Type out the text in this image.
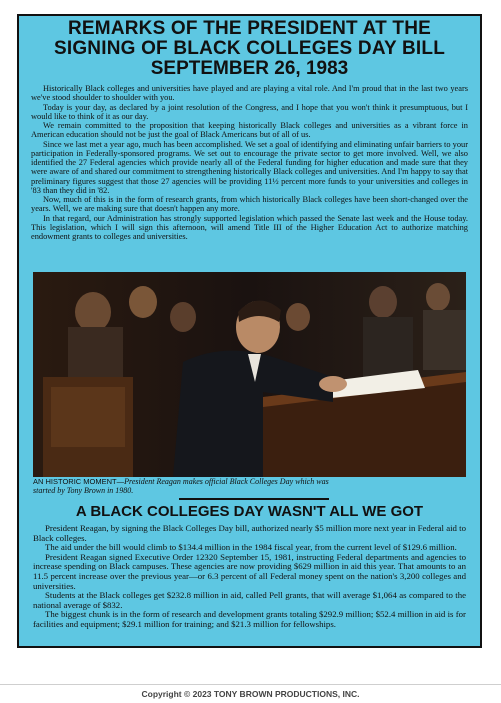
REMARKS OF THE PRESIDENT AT THE
SIGNING OF BLACK COLLEGES DAY BILL
SEPTEMBER 26, 1983

Historically Black colleges and universities have played and are playing a vital role. And I'm proud that in the last two years we've stood shoulder to shoulder with you.

Today is your day, as declared by a joint resolution of the Congress, and I hope that you won't think it presumptuous, but I would like to think of it as our day.

We remain committed to the proposition that keeping historically Black colleges and universities as a vibrant force in American education should not be just the goal of Black Americans but of all of us.

Since we last met a year ago, much has been accomplished. We set a goal of identifying and eliminating unfair barriers to your participation in Federally-sponsored programs. We set out to encourage the private sector to get more involved. Well, we also identified the 27 Federal agencies which provide nearly all of the Federal funding for higher education and made sure that they were aware of and shared our commitment to strengthening historically Black colleges and universities. And I'm happy to say that preliminary figures suggest that those 27 agencies will be providing 11½ percent more funds to your universities and colleges in '83 than they did in '82.

Now, much of this is in the form of research grants, from which historically Black colleges have been short-changed over the years. Well, we are making sure that doesn't happen any more.

In that regard, our Administration has strongly supported legislation which passed the Senate last week and the House today. This legislation, which I will sign this afternoon, will amend Title III of the Higher Education Act to authorize matching endowment grants to colleges and universities.

AN HISTORIC MOMENT—President Reagan makes official Black Colleges Day which was started by Tony Brown in 1980.
A BLACK COLLEGES DAY WASN'T ALL WE GOT

President Reagan, by signing the Black Colleges Day bill, authorized nearly $5 million more next year in Federal aid to Black colleges.

The aid under the bill would climb to $134.4 million in the 1984 fiscal year, from the current level of $129.6 million.

President Reagan signed Executive Order 12320 September 15, 1981, instructing Federal departments and agencies to increase spending on Black campuses. These agencies are now providing $629 million in aid this year. That amounts to an 11.5 percent increase over the previous year—or 6.3 percent of all Federal money spent on the nation's 3,200 colleges and universities.

Students at the Black colleges get $232.8 million in aid, called Pell grants, that will average $1,064 as compared to the national average of $832.

The biggest chunk is in the form of research and development grants totaling $292.9 million; $52.4 million in aid is for facilities and equipment; $29.1 million for training; and $21.3 million for fellowships.

Copyright © 2023 TONY BROWN PRODUCTIONS, INC.
